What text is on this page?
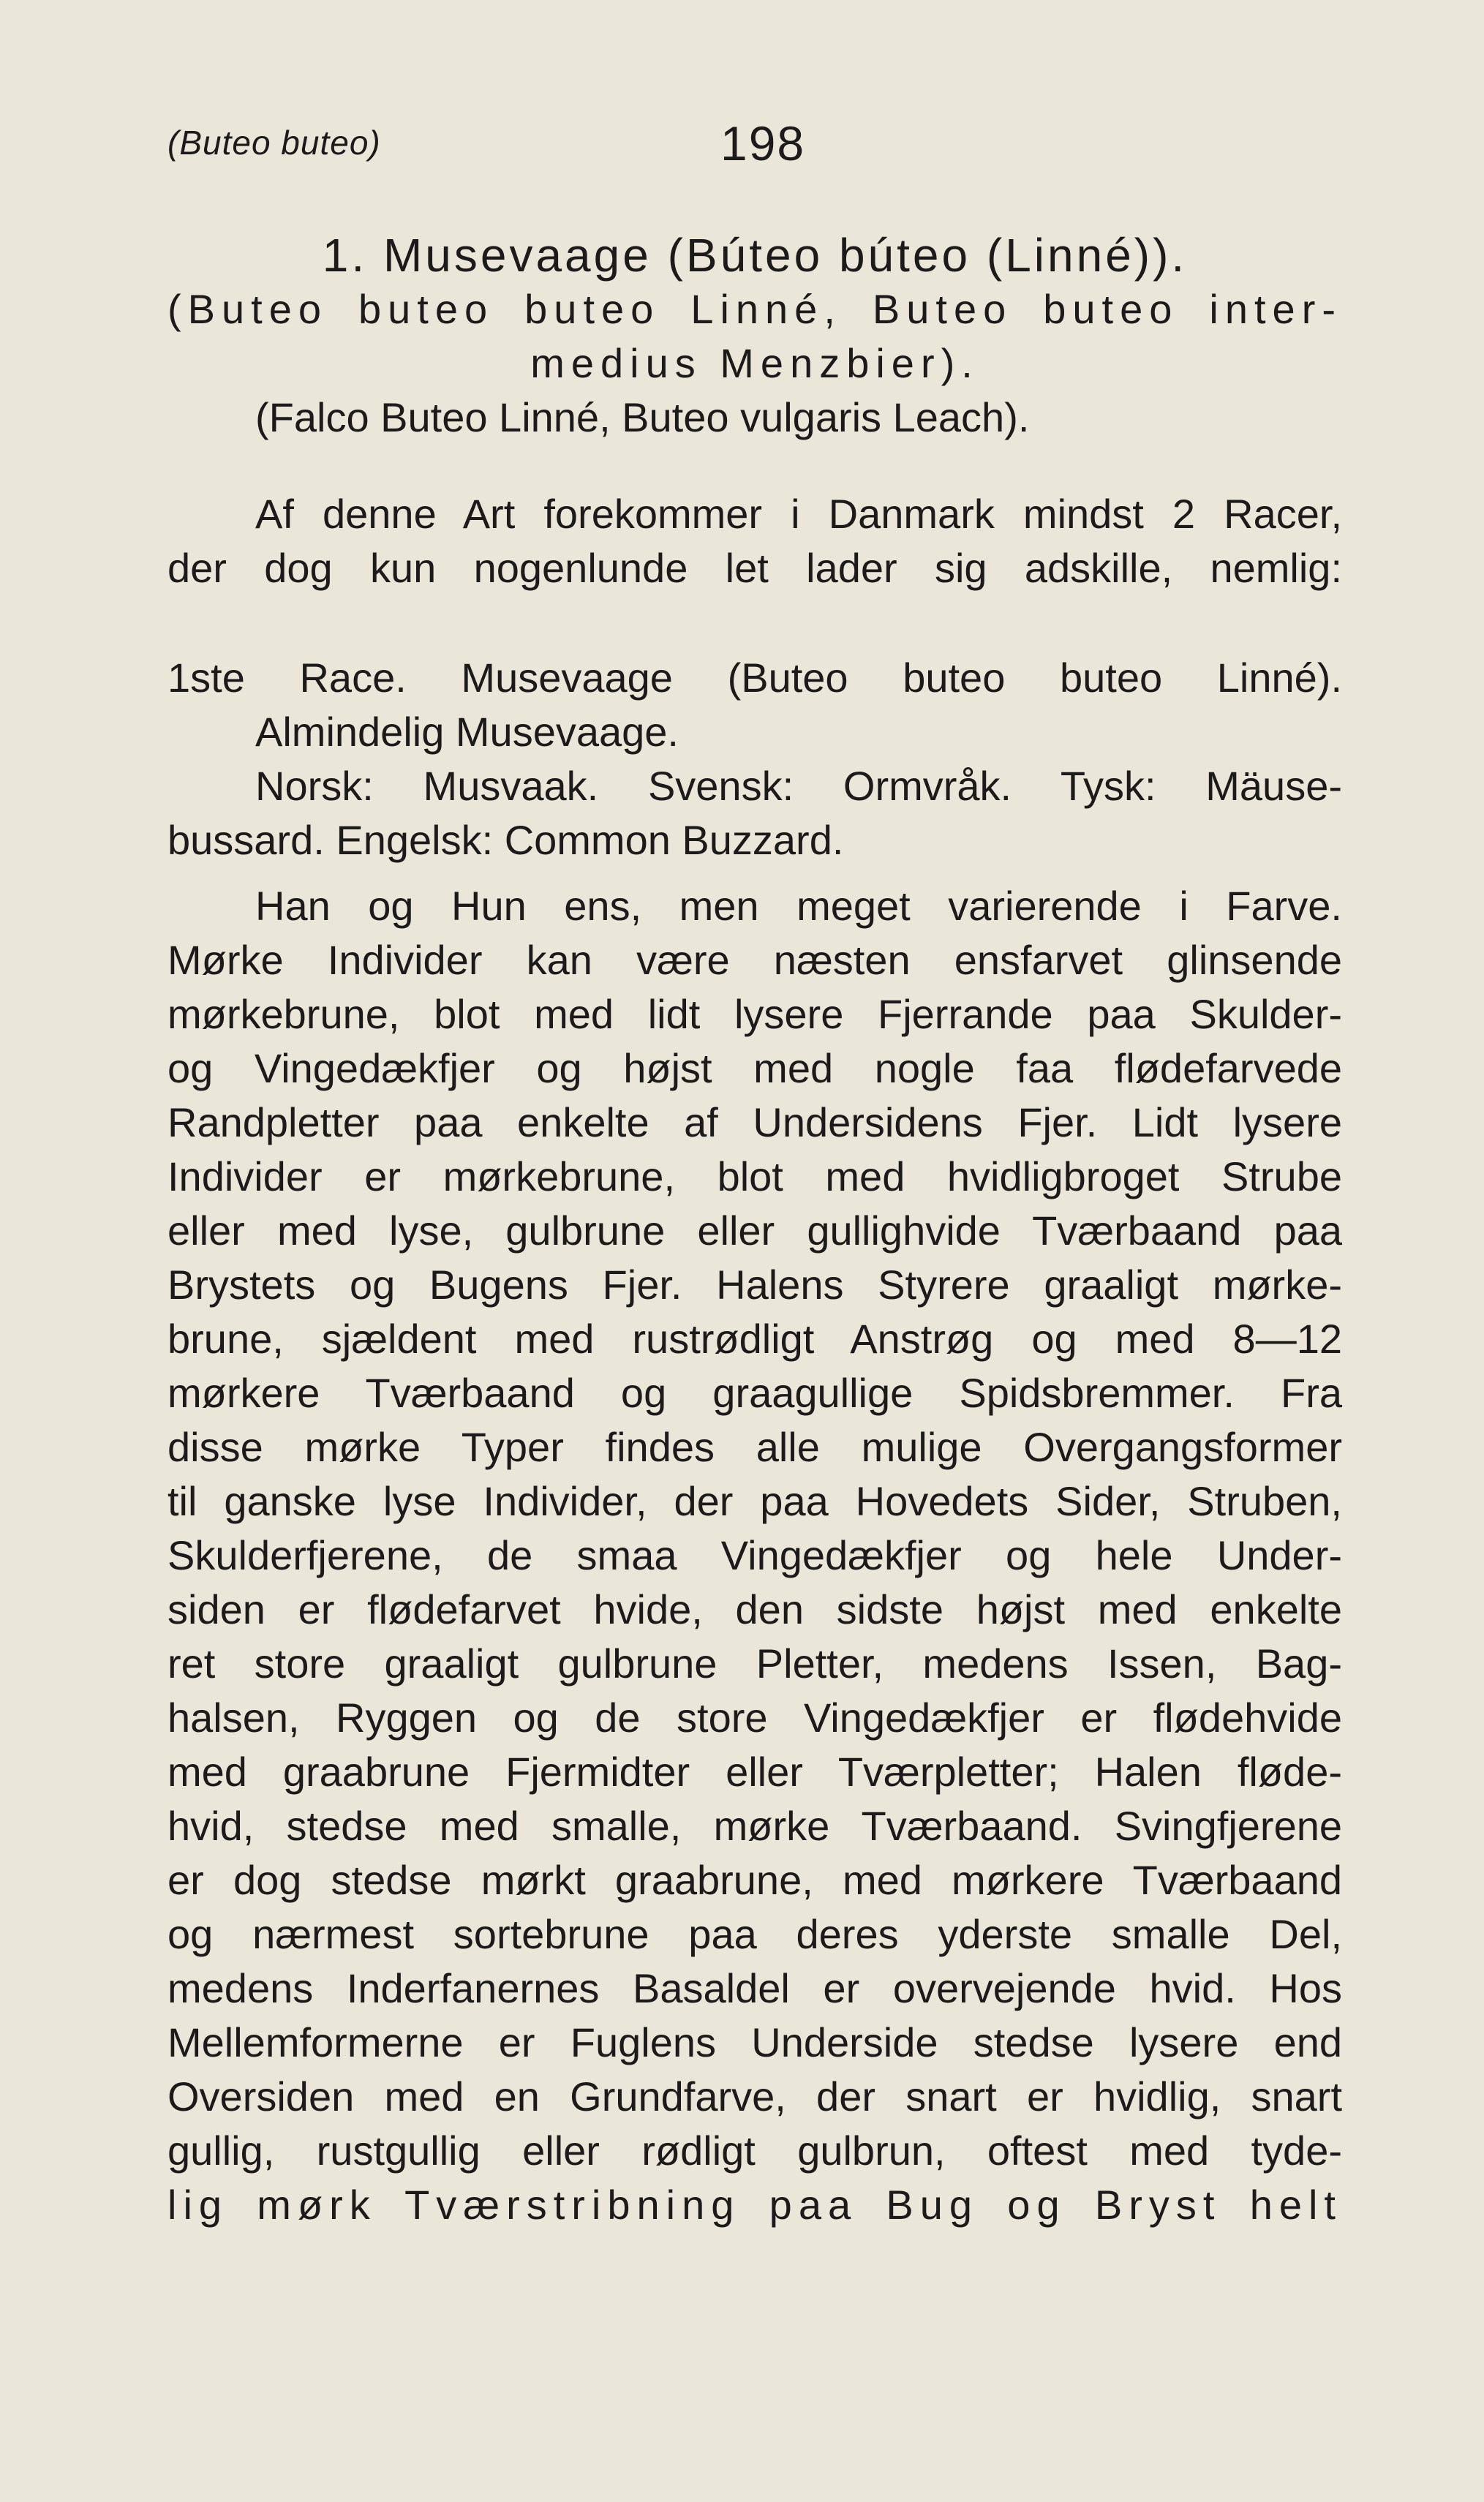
(Buteo buteo)	198
1. Musevaage (Búteo búteo (Linné)).
(Buteo buteo buteo Linné, Buteo buteo inter-
medius Menzbier).
(Falco Buteo Linné, Buteo vulgaris Leach).
Af denne Art forekommer i Danmark mindst 2 Racer,
der dog kun nogenlunde let lader sig adskille, nemlig:
1ste Race. Musevaage (Buteo buteo buteo Linné).
Almindelig Musevaage.
Norsk: Musvaak. Svensk: Ormvråk. Tysk: Mäuse-
bussard. Engelsk: Common Buzzard.
Han og Hun ens, men meget varierende i Farve.
Mørke Individer kan være næsten ensfarvet glinsende
mørkebrune, blot med lidt lysere Fjerrande paa Skulder-
og Vingedækfjer og højst med nogle faa flødefarvede
Randpletter paa enkelte af Undersidens Fjer. Lidt lysere
Individer er mørkebrune, blot med hvidligbroget Strube
eller med lyse, gulbrune eller gullighvide Tværbaand paa
Brystets og Bugens Fjer. Halens Styrere graaligt mørke-
brune, sjældent med rustrødligt Anstrøg og med 8—12
mørkere Tværbaand og graagullige Spidsbremmer. Fra
disse mørke Typer findes alle mulige Overgangsformer
til ganske lyse Individer, der paa Hovedets Sider, Struben,
Skulderfjerene, de smaa Vingedækfjer og hele Under-
siden er flødefarvet hvide, den sidste højst med enkelte
ret store graaligt gulbrune Pletter, medens Issen, Bag-
halsen, Ryggen og de store Vingedækfjer er flødehvide
med graabrune Fjermidter eller Tværpletter; Halen fløde-
hvid, stedse med smalle, mørke Tværbaand. Svingfjerene
er dog stedse mørkt graabrune, med mørkere Tværbaand
og nærmest sortebrune paa deres yderste smalle Del,
medens Inderfanernes Basaldel er overvejende hvid. Hos
Mellemformerne er Fuglens Underside stedse lysere end
Oversiden med en Grundfarve, der snart er hvidlig, snart
gullig, rustgullig eller rødligt gulbrun, oftest med tyde-
lig mørk Tværstribning paa Bug og Bryst helt
